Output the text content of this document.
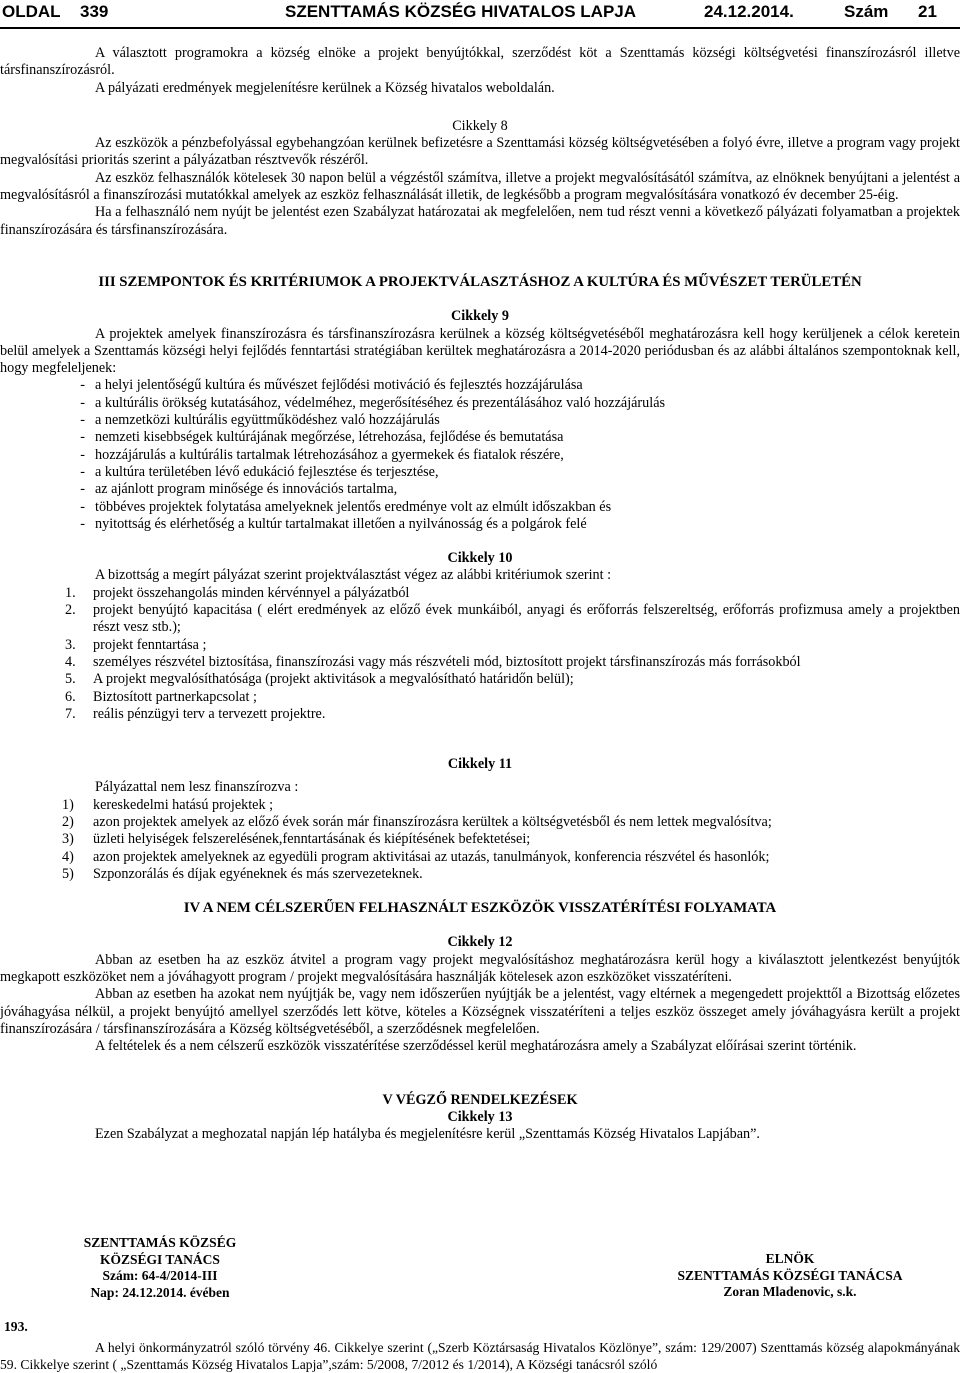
OLDAL 339	SZENTTAMÁS KÖZSÉG HIVATALOS LAPJA	24.12.2014.	Szám 21

A választott programokra a község elnöke a projekt benyújtókkal, szerződést köt a Szenttamás községi költségvetési finanszírozásról illetve társfinanszírozásról.

A pályázati eredmények megjelenítésre kerülnek a Község hivatalos weboldalán.

Cikkely 8

Az eszközök a pénzbefolyással egybehangzóan kerülnek befizetésre a Szenttamási község költségvetésében a folyó évre, illetve a program vagy projekt megvalósítási prioritás szerint a pályázatban résztvevők részéről.

Az eszköz felhasználók kötelesek 30 napon belül a végzéstől számítva, illetve a projekt megvalósításától számítva, az elnöknek benyújtani a jelentést a megvalósításról a finanszírozási mutatókkal amelyek az eszköz felhasználását illetik, de legkésőbb a program megvalósítására vonatkozó év december 25-éig.

Ha a felhasználó nem nyújt be jelentést ezen Szabályzat határozatai ak megfelelően, nem tud részt venni a következő pályázati folyamatban a projektek finanszírozására és társfinanszírozására.

III SZEMPONTOK ÉS KRITÉRIUMOK A PROJEKTVÁLASZTÁSHOZ A KULTÚRA ÉS MŰVÉSZET TERÜLETÉN

Cikkely 9

A projektek amelyek finanszírozásra és társfinanszírozásra kerülnek a község költségvetéséből meghatározásra kell hogy kerüljenek a célok keretein belül amelyek a Szenttamás községi helyi fejlődés fenntartási stratégiában kerültek meghatározásra a 2014-2020 periódusban és az alábbi általános szempontoknak kell, hogy megfeleljenek:

- a helyi jelentőségű kultúra és művészet fejlődési motiváció és fejlesztés hozzájárulása
- a kultúrális örökség kutatásához, védelméhez, megerősítéséhez és prezentálásához való hozzájárulás
- a nemzetközi kultúrális együttműködéshez való hozzájárulás
- nemzeti kisebbségek kultúrájának megőrzése, létrehozása, fejlődése és bemutatása
- hozzájárulás a kultúrális tartalmak létrehozásához a gyermekek és fiatalok részére,
- a kultúra területében lévő edukáció fejlesztése és terjesztése,
- az ajánlott program minősége és innovációs tartalma,
- többéves projektek folytatása amelyeknek jelentős eredménye volt az elmúlt időszakban és
- nyitottság és elérhetőség a kultúr tartalmakat illetően a nyilvánosság és a polgárok felé

Cikkely 10

A bizottság a megírt pályázat szerint projektválasztást végez az alábbi kritériumok szerint :

1.	projekt összehangolás minden kérvénnyel a pályázatból
2.	projekt benyújtó kapacitása ( elért eredmények az előző évek munkáiból, anyagi és erőforrás felszereltség, erőforrás profizmusa amely a projektben részt vesz stb.);
3.	projekt fenntartása ;
4.	személyes részvétel biztosítása, finanszírozási vagy más részvételi mód, biztosított projekt társfinanszírozás más forrásokból
5.	A projekt megvalósíthatósága (projekt aktivitások a megvalósítható határidőn belül);
6.	Biztosított partnerkapcsolat ;
7.	reális pénzügyi terv a tervezett projektre.

Cikkely 11

Pályázattal nem lesz finanszírozva :

1)	kereskedelmi hatású projektek ;
2)	azon projektek amelyek az előző évek során már finanszírozásra kerültek a költségvetésből és nem lettek megvalósítva;
3)	üzleti helyiségek felszerelésének,fenntartásának és kiépítésének befektetései;
4)	azon projektek amelyeknek az egyedüli program aktivitásai az utazás, tanulmányok, konferencia részvétel és hasonlók;
5)	Szponzorálás és díjak egyéneknek és más szervezeteknek.

IV A NEM CÉLSZERŰEN FELHASZNÁLT ESZKÖZÖK VISSZATÉRÍTÉSI FOLYAMATA

Cikkely 12

Abban az esetben ha az eszköz átvitel a program vagy projekt megvalósításhoz meghatározásra kerül hogy a kiválasztott jelentkezést benyújtók megkapott eszközöket nem a jóváhagyott program / projekt megvalósítására használják kötelesek azon eszközöket visszatéríteni.

Abban az esetben ha azokat nem nyújtják be, vagy nem időszerűen nyújtják be a jelentést, vagy eltérnek a megengedett projekttől a Bizottság előzetes jóváhagyása nélkül, a projekt benyújtó amellyel szerződés lett kötve, köteles a Községnek visszatéríteni a teljes eszköz összeget amely jóváhagyásra került a projekt finanszírozására / társfinanszírozására a Község költségvetéséből, a szerződésnek megfelelően.

A feltételek és a nem célszerű eszközök visszatérítése szerződéssel kerül meghatározásra amely a Szabályzat előírásai szerint történik.

V VÉGZŐ RENDELKEZÉSEK

Cikkely 13

Ezen Szabályzat a meghozatal napján lép hatályba és megjelenítésre kerül „Szenttamás Község Hivatalos Lapjában”.

SZENTTAMÁS KÖZSÉG
KÖZSÉGI TANÁCS
Szám: 64-4/2014-III
Nap: 24.12.2014. évében
ELNÖK
SZENTTAMÁS KÖZSÉGI TANÁCSA
Zoran Mladenovic, s.k.
193.

A helyi önkormányzatról szóló törvény 46. Cikkelye szerint („Szerb Köztársaság Hivatalos Közlönye”, szám: 129/2007) Szenttamás község alapokmányának 59. Cikkelye szerint ( „Szenttamás Község Hivatalos Lapja”,szám: 5/2008, 7/2012 és 1/2014), A Községi tanácsról szóló
